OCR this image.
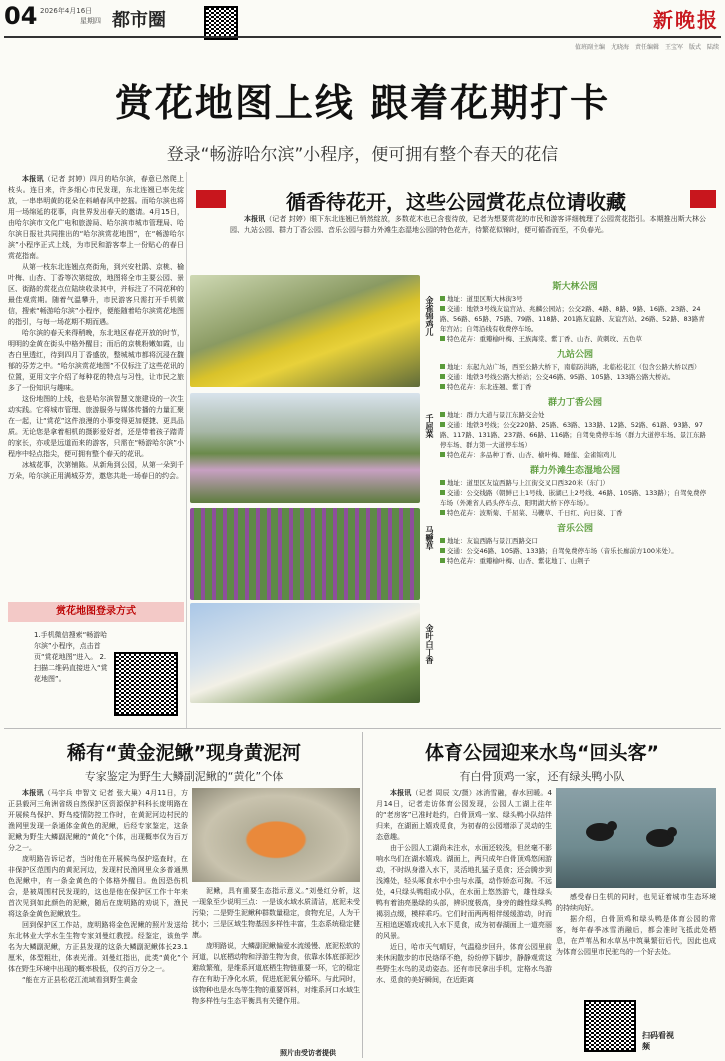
04 2026年4月16日
星期四 都市圈	新晚报
值班副主编　尤晓海　责任编辑　王宝军　版式　陆续
赏花地图上线 跟着花期打卡
登录“畅游哈尔滨”小程序，便可拥有整个春天的花信

本报讯（记者 封婷）四月的哈尔滨，春意已然爬上枝头。连日来，许多细心市民发现，东北连翘已率先绽放，一串串明黄的花朵在料峭春风中挖摇。而哈尔滨也将用一场绵延的花事，向世界发出春天的邀请。4月15日，由哈尔滨市文化广电和旅游局、哈尔滨市城市管理局、哈尔滨日报社共同推出的“哈尔滨赏花地图”，在“畅游哈尔滨”小程序正式上线，为市民和游客奉上一份贴心的春日赏花指南。

从第一枝东北连翘点亮街角，到兴安杜鹃、京桃、榆叶梅、山杏、丁香等次第绽放，地图将全市主要公园、景区、街路的赏花点位陆续收录其中，并标注了不同花种的最佳观赏期。随着气温攀升，市民游客只需打开手机微信，搜索“畅游哈尔滨”小程序，便能随着哈尔滨赏花地图的指引，与每一场花期不期而遇。

哈尔滨的春天来得稍晚，东北地区春花开放的时节，明明的金黄在街头中格外醒目；而后的京桃粉嫩如霞，山杏白里透红，待到四月丁香盛放，整城城市都将沉浸在馥郁的芬芳之中。“哈尔滨赏花地图”不仅标注了这些花讯的位置，更用文字介绍了每种花的特点与习性，让市民之旅多了一份知识与趣味。

这份地图的上线，也是哈尔滨智慧文旅建设的一次生动实践。它将城市管理、旅游服务与媒体传播的力量汇聚在一起，让“赏花”这件浪漫的小事变得更加便捷、更具品质。无论您是拿着相机的摄影爱好者，还是带着孩子踏青的家长，亦或是远道而来的游客，只需在“畅游哈尔滨”小程序中轻点指尖，便可拥有整个春天的花讯。

冰城花事，次第铺陈。从新角到公园，从第一朵到千万朵，哈尔滨正用满城芬芳，邀您共赴一场春日的约会。

赏花地图登录方式
1.手机微信搜索“畅游哈尔滨”小程序，点击首页“赏花地图”进入。 2.扫描二维码直接进入“赏花地图”。
循香待花开，这些公园赏花点位请收藏

本报讯（记者 封婷）眼下东北连翘已悄然绽放，多数花木也已含苞待放，记者为想要赏花的市民和游客详细梳理了公园赏花指引。本期推出斯大林公园、九站公园、群力丁香公园、音乐公园与群力外滩生态湿地公园的特色花卉，待繁花似锦时，便可循香而至，不负春光。

金雀锦鸡儿
千屈菜
马鞭草
金叶白丁香
斯大林公园
地址：道里区斯大林街3号
交通：地铁3号线友谊宫站、兆麟公园站；公交2路、4路、8路、9路、16路、23路、24路、56路、65路、75路、79路、118路、201路友谊路、友谊宫站、26路、52路、83路青年宫站；自驾沿线有收费停车场。
特色花卉：重瓣榆叶梅、王族海棠、紫丁香、山杏、黄刺玫、五色草
九站公园
地址：东起九站广场，西至公路大桥下，南临防洪路，北临松花江（包含公路大桥以西）
交通：地铁3号线公路大桥站；公交46路、95路、105路、133路公路大桥站。
特色花卉：东北连翘、紫丁香
群力丁香公园
地址：群力大道与景江东路交会处
交通：地铁3号线；公交220路、25路、63路、133路、12路、52路、61路、93路、97路、117路、131路、237路、66路、116路；自驾免费停车场（群力大道停车场、景江东路停车场、群力第一大道停车场）
特色花卉：多品种丁香、山杏、榆叶梅、睡莲、金雀锦鸡儿
群力外滩生态湿地公园
地址：道里区友谊西路与上江街交叉口西320米（东门）
交通：公交线路（朝鲜已上1号线、嵌湖已上2号线、46路、105路、133路）；自驾免费停车场（外滩省人码头停车点、阳明湖大桥下停车场）。
特色花卉：波斯菊、千屈菜、马鞭草、千日红、向日葵、丁香
音乐公园
地址：友谊西路与景江西路交口
交通：公交46路、105路、133路；自驾免费停车场（音乐长廊前方100米处）。
特色花卉：重瓣榆叶梅、山杏、紫花地丁、山荆子
稀有“黄金泥鳅”现身黄泥河
专家鉴定为野生大鳞副泥鳅的“黄化”个体

本报讯（马宇兵 申智文 记者 张大巢）4月11日，方正县毅河三角洲省级自然保护区资源保护科科长庞明路在开展候鸟保护、野鸟疫情防控工作时，在黄泥河边村民的渔网里发现一条通体金黄色的泥鳅，后经专家鉴定，这条泥鳅为野生大鳞副泥鳅的“黄化”个体，出现概率仅为百万分之一。

庞明路告诉记者，当时他在开展候鸟保护巡查时，在非保护区范围内的黄泥河边，发现村民渔网里众多普通黑色泥鳅中，有一条金黄色的个体格外醒目。鱼因恐伤机会，是被周围村民发现的，这也是他在保护区工作十年来首次见到如此颜色的泥鳅，随后在庞明路的劝说下，渔民将这条金黄色泥鳅放生。

回到保护区工作站，庞明路将金色泥鳅的照片发送给东北林业大学水生生物专家刘曼红教授。经鉴定，该鱼学名为大鳞副泥鳅，方正县发现的这条大鳞副泥鳅体长23.1厘米，体型粗壮，体表光滑。刘曼红指出，此类“黄化”个体在野生环境中出现的概率极低，仅约百万分之一。

“能在方正县松花江流域看到野生黄金

泥鳅，具有重要生态指示意义。”刘曼红分析，这一现象至少说明三点：一是该水域水质清洁，底泥未受污染；二是野生泥鳅种群数量稳定，食物充足，人为干扰小；三是区域生物基因多样性丰富，生态系统稳定健康。

庞明路说，大鳞副泥鳅偏爱水流缓慢、底泥松软的河道，以底栖动物和浮游生物为食，依靠水体底部泥沙避敌繁殖，是维系河道底栖生物链重要一环，它的稳定存在有助于净化水质，促进底泥氧分循环。与此同时，该物种也是水鸟等生物的重要饵料，对维系河口水域生物多样性与生态平衡具有关键作用。

照片由受访者提供
体育公园迎来水鸟“回头客”
有白骨顶鸡一家，还有绿头鸭小队

本报讯（记者 周辰 文/摄）冰消雪融，春水回暖。4月14日，记者走访体育公园发现，公园人工湖上往年的“老房客”已准时赴约，白骨顶鸡一家、绿头鸭小队结伴归来，在湖面上嬉戏觅食，为初春的公园增添了灵动的生态意趣。

由于公园人工湖尚未注水，水面还较浅，但丝毫不影响水鸟们在湖水嬉戏。湖面上，两只成年白骨顶鸡悠闲游动，不时纵身潜入水下，灵活地扎猛子觅食；还会腾步到浅滩处，轻头啄食水中小虫与水藻，动作娇态可掬。不远处，4只绿头鸭组成小队，在水面上悠然游弋，雄性绿头鸭有着油亮墨绿的头部，辨识度极高，身旁的雌性绿头鸭褐羽点缀，模样乖巧。它们时而两两相伴缓缓游动，时而互相追逐嬉戏或扎入水下觅食，成为初春湖面上一道亮丽的风景。

近日，哈市天气晴好，气温稳步回升，体育公园里前来休闲散步的市民络绎不绝，纷纷停下脚步，静静观赏这些野生水鸟的灵动姿态。还有市民拿出手机，定格水鸟游水、觅食的美好瞬间，在近距离

感受春日生机的同时，也见证着城市生态环境的持续向好。

据介绍，白骨顶鸡和绿头鸭是体育公园的常客，每年春季冰雪消融后，都会准时飞抵此处栖息，在芦苇丛和水草丛中筑巢繁衍后代，因此也成为体育公园里市民驼鸟的一个好去处。

扫码看视频
